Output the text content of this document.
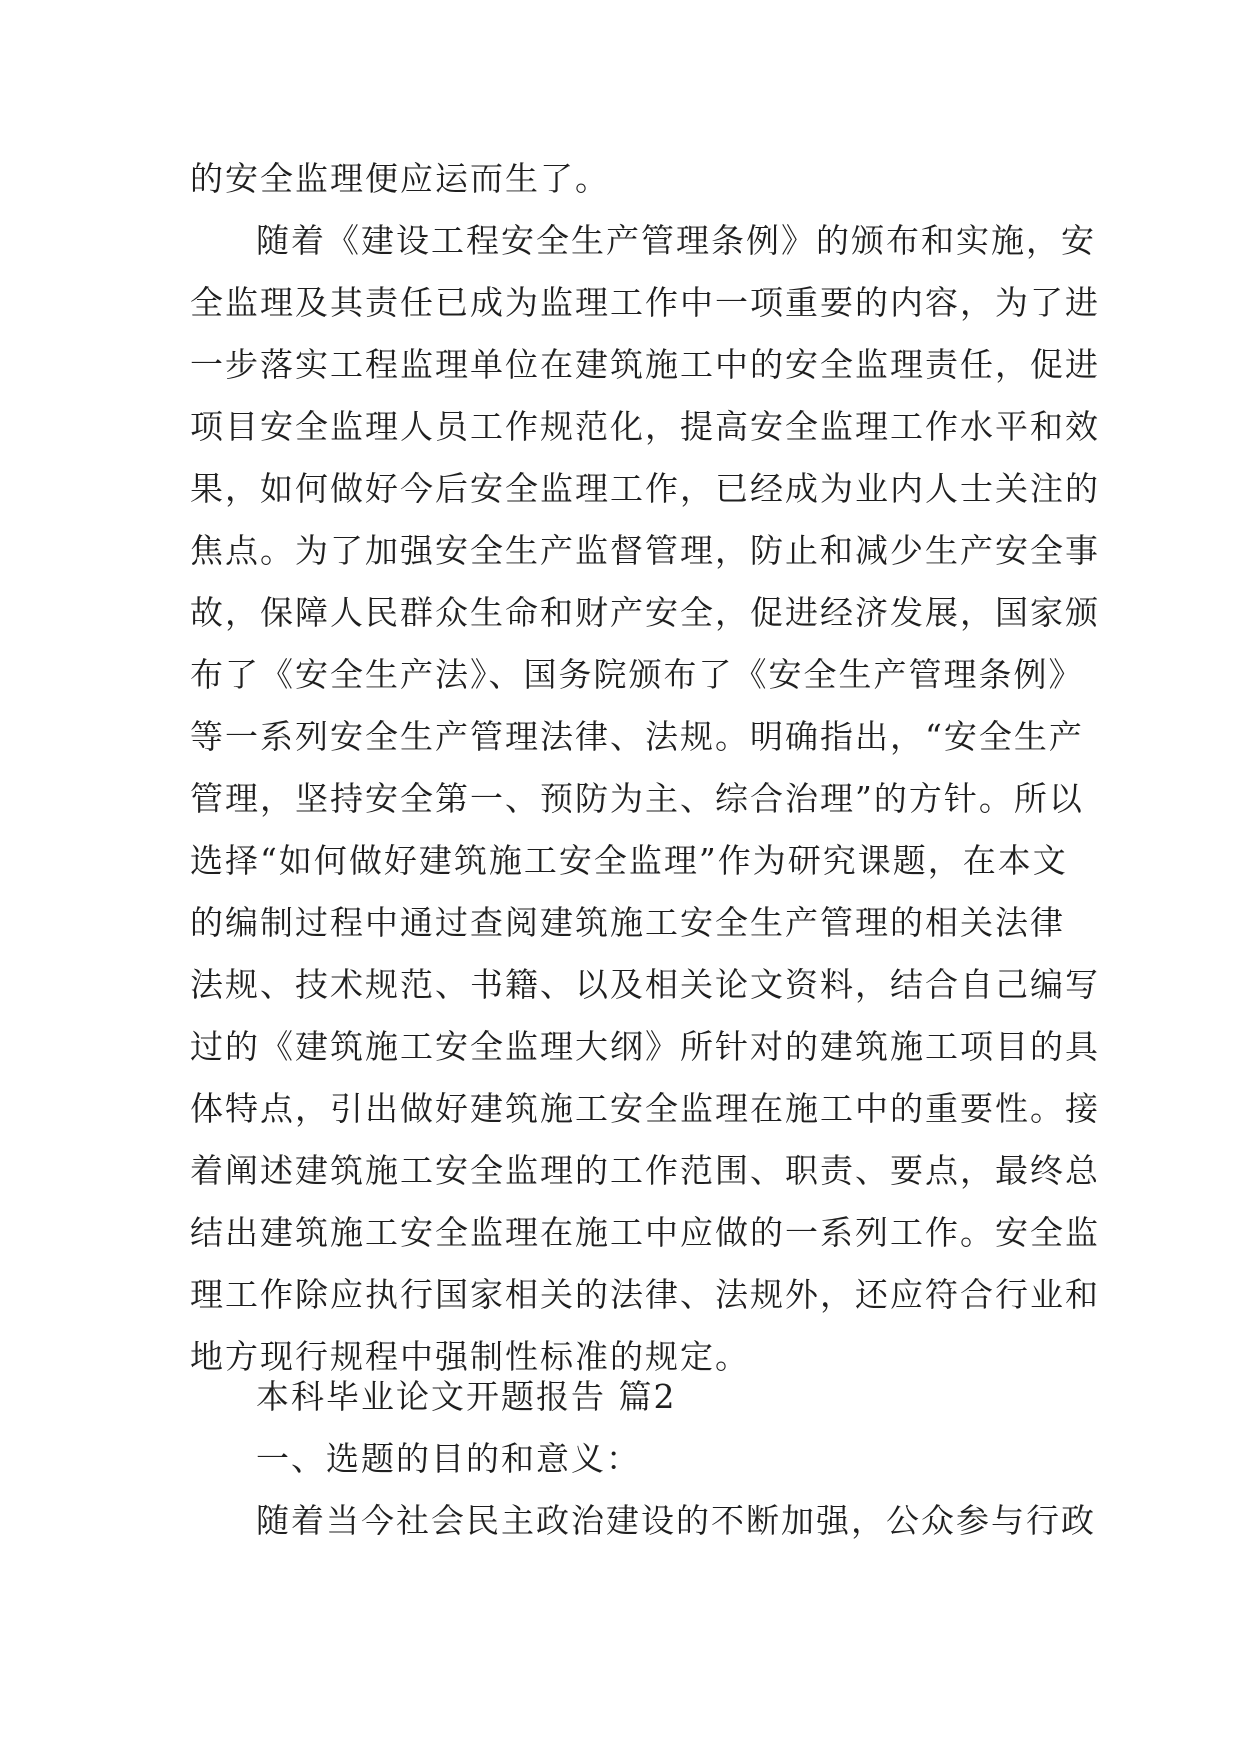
的安全监理便应运而生了。
随着《建设工程安全生产管理条例》的颁布和实施，安
全监理及其责任已成为监理工作中一项重要的内容，为了进
一步落实工程监理单位在建筑施工中的安全监理责任，促进
项目安全监理人员工作规范化，提高安全监理工作水平和效
果，如何做好今后安全监理工作，已经成为业内人士关注的
焦点。为了加强安全生产监督管理，防止和减少生产安全事
故，保障人民群众生命和财产安全，促进经济发展，国家颁
布了《安全生产法》、国务院颁布了《安全生产管理条例》
等一系列安全生产管理法律、法规。明确指出，“安全生产
管理，坚持安全第一、预防为主、综合治理”的方针。所以
选择“如何做好建筑施工安全监理”作为研究课题，在本文
的编制过程中通过查阅建筑施工安全生产管理的相关法律
法规、技术规范、书籍、以及相关论文资料，结合自己编写
过的《建筑施工安全监理大纲》所针对的建筑施工项目的具
体特点，引出做好建筑施工安全监理在施工中的重要性。接
着阐述建筑施工安全监理的工作范围、职责、要点，最终总
结出建筑施工安全监理在施工中应做的一系列工作。安全监
理工作除应执行国家相关的法律、法规外，还应符合行业和
地方现行规程中强制性标准的规定。
本科毕业论文开题报告 篇2
一、选题的目的和意义：
随着当今社会民主政治建设的不断加强，公众参与行政
